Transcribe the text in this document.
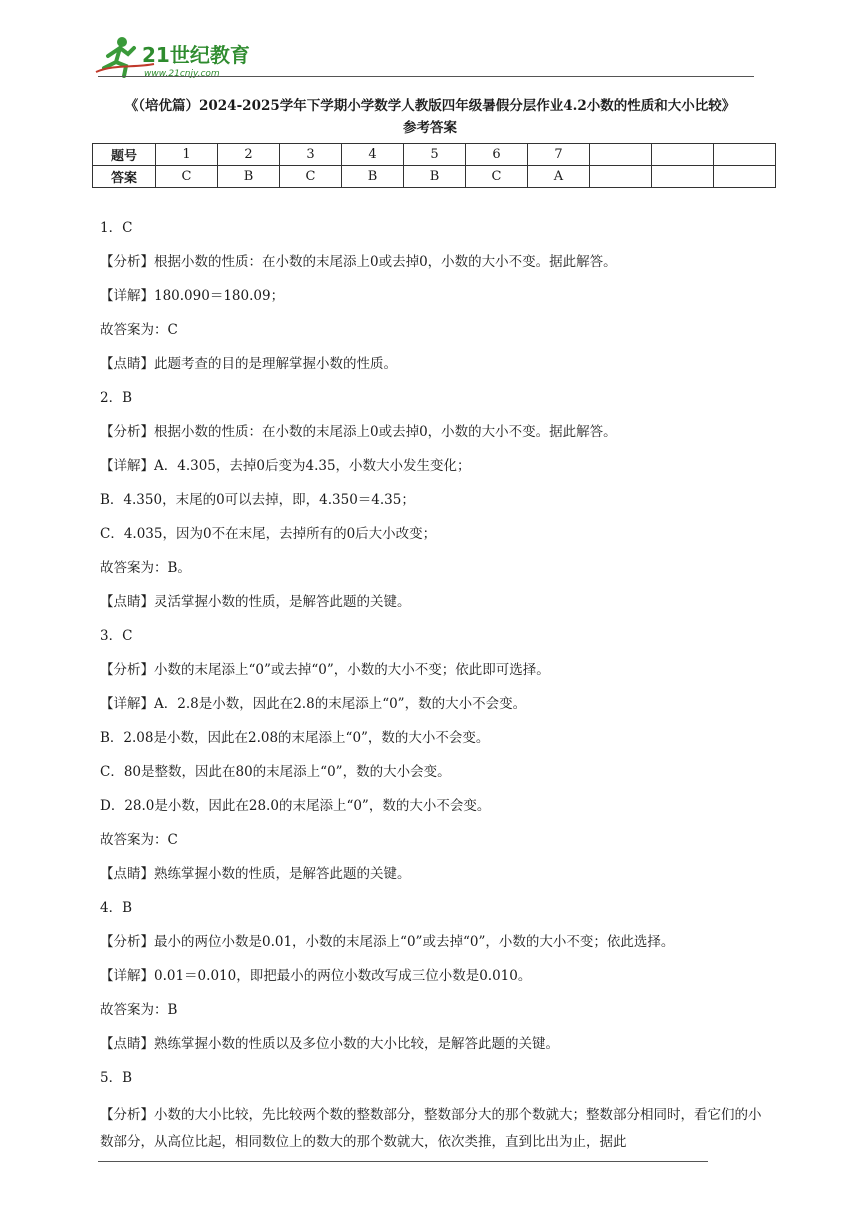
21世纪教育
www.21cnjy.com
《（培优篇）2024-2025学年下学期小学数学人教版四年级暑假分层作业4.2小数的性质和大小比较》
参考答案
题号	1	2	3	4	5	6	7			
答案	C	B	C	B	B	C	A			
1．C
【分析】根据小数的性质：在小数的末尾添上0或去掉0，小数的大小不变。据此解答。
【详解】180.090＝180.09；
故答案为：C
【点睛】此题考查的目的是理解掌握小数的性质。
2．B
【分析】根据小数的性质：在小数的末尾添上0或去掉0，小数的大小不变。据此解答。
【详解】A．4.305，去掉0后变为4.35，小数大小发生变化；
B．4.350，末尾的0可以去掉，即，4.350＝4.35；
C．4.035，因为0不在末尾，去掉所有的0后大小改变；
故答案为：B。
【点睛】灵活掌握小数的性质，是解答此题的关键。
3．C
【分析】小数的末尾添上“0”或去掉“0”，小数的大小不变；依此即可选择。
【详解】A．2.8是小数，因此在2.8的末尾添上“0”，数的大小不会变。
B．2.08是小数，因此在2.08的末尾添上“0”，数的大小不会变。
C．80是整数，因此在80的末尾添上“0”，数的大小会变。
D．28.0是小数，因此在28.0的末尾添上“0”，数的大小不会变。
故答案为：C
【点睛】熟练掌握小数的性质，是解答此题的关键。
4．B
【分析】最小的两位小数是0.01，小数的末尾添上“0”或去掉“0”，小数的大小不变；依此选择。
【详解】0.01＝0.010，即把最小的两位小数改写成三位小数是0.010。
故答案为：B
【点睛】熟练掌握小数的性质以及多位小数的大小比较，是解答此题的关键。
5．B
【分析】小数的大小比较，先比较两个数的整数部分，整数部分大的那个数就大；整数部分相同时，看它们的小数部分，从高位比起，相同数位上的数大的那个数就大，依次类推，直到比出为止，据此
